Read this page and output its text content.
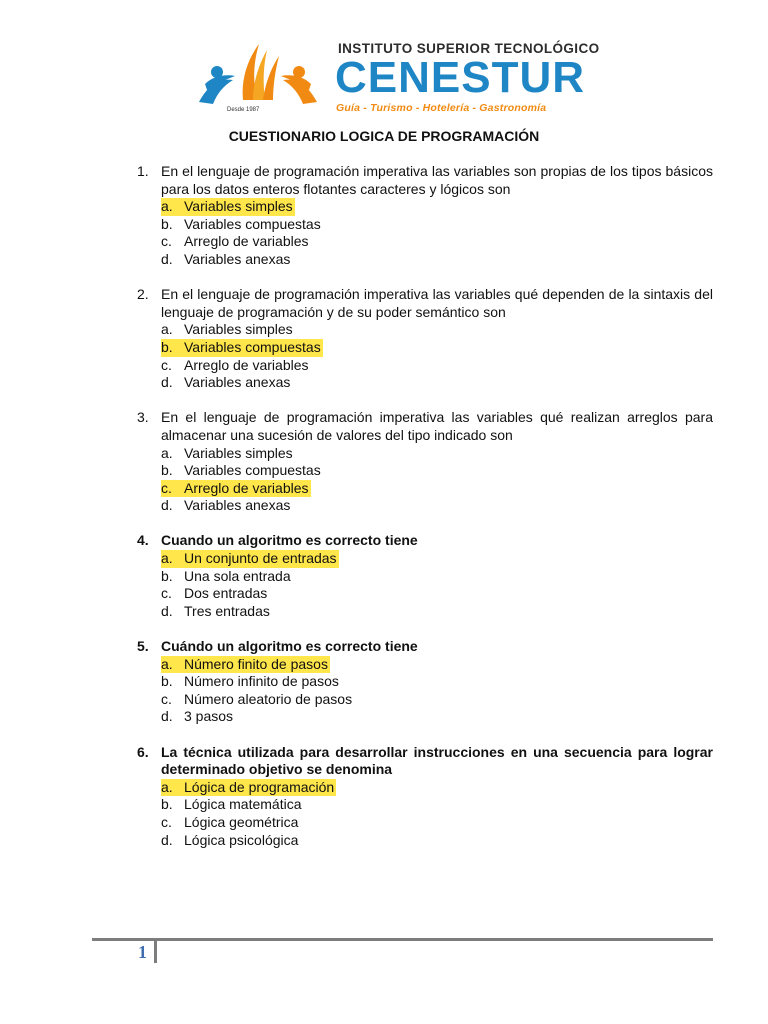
Desde 1987
INSTITUTO SUPERIOR TECNOLÓGICO
CENESTUR
Guía - Turismo - Hotelería - Gastronomía
CUESTIONARIO LOGICA DE PROGRAMACIÓN
1. En el lenguaje de programación imperativa las variables son propias de los tipos básicos para los datos enteros flotantes caracteres y lógicos son
a. Variables simples
b. Variables compuestas
c. Arreglo de variables
d. Variables anexas
2. En el lenguaje de programación imperativa las variables qué dependen de la sintaxis del lenguaje de programación y de su poder semántico son
a. Variables simples
b. Variables compuestas
c. Arreglo de variables
d. Variables anexas
3. En el lenguaje de programación imperativa las variables qué realizan arreglos para almacenar una sucesión de valores del tipo indicado son
a. Variables simples
b. Variables compuestas
c. Arreglo de variables
d. Variables anexas
4. Cuando un algoritmo es correcto tiene
a. Un conjunto de entradas
b. Una sola entrada
c. Dos entradas
d. Tres entradas
5. Cuándo un algoritmo es correcto tiene
a. Número finito de pasos
b. Número infinito de pasos
c. Número aleatorio de pasos
d. 3 pasos
6. La técnica utilizada para desarrollar instrucciones en una secuencia para lograr determinado objetivo se denomina
a. Lógica de programación
b. Lógica matemática
c. Lógica geométrica
d. Lógica psicológica
1
